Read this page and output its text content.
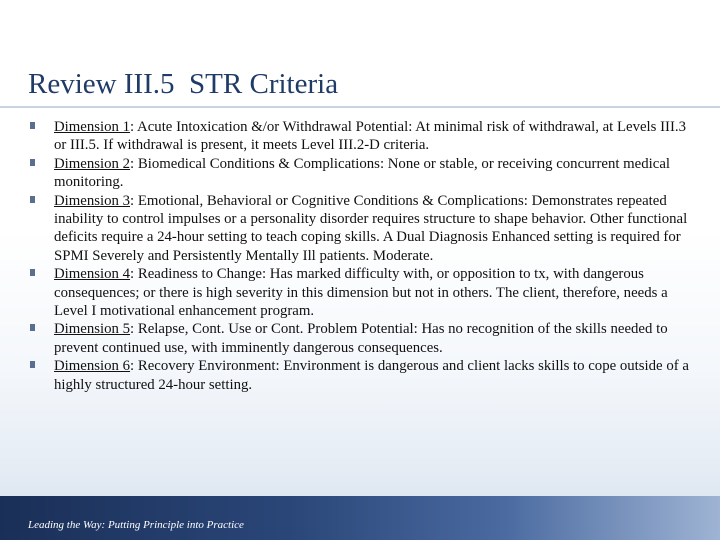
Review III.5  STR Criteria
Dimension 1: Acute Intoxication &/or Withdrawal Potential: At minimal risk of withdrawal, at Levels III.3 or III.5. If withdrawal is present, it meets Level III.2-D criteria.
Dimension 2: Biomedical Conditions & Complications: None or stable, or receiving concurrent medical monitoring.
Dimension 3: Emotional, Behavioral or Cognitive Conditions & Complications: Demonstrates repeated inability to control impulses or a personality disorder requires structure to shape behavior. Other functional deficits require a 24-hour setting to teach coping skills. A Dual Diagnosis Enhanced setting is required for SPMI Severely and Persistently Mentally Ill patients. Moderate.
Dimension 4: Readiness to Change: Has marked difficulty with, or opposition to tx, with dangerous consequences; or there is high severity in this dimension but not in others. The client, therefore, needs a Level I motivational enhancement program.
Dimension 5: Relapse, Cont. Use or Cont. Problem Potential: Has no recognition of the skills needed to prevent continued use, with imminently dangerous consequences.
Dimension 6: Recovery Environment: Environment is dangerous and client lacks skills to cope outside of a highly structured 24-hour setting.
Leading the Way: Putting Principle into Practice
